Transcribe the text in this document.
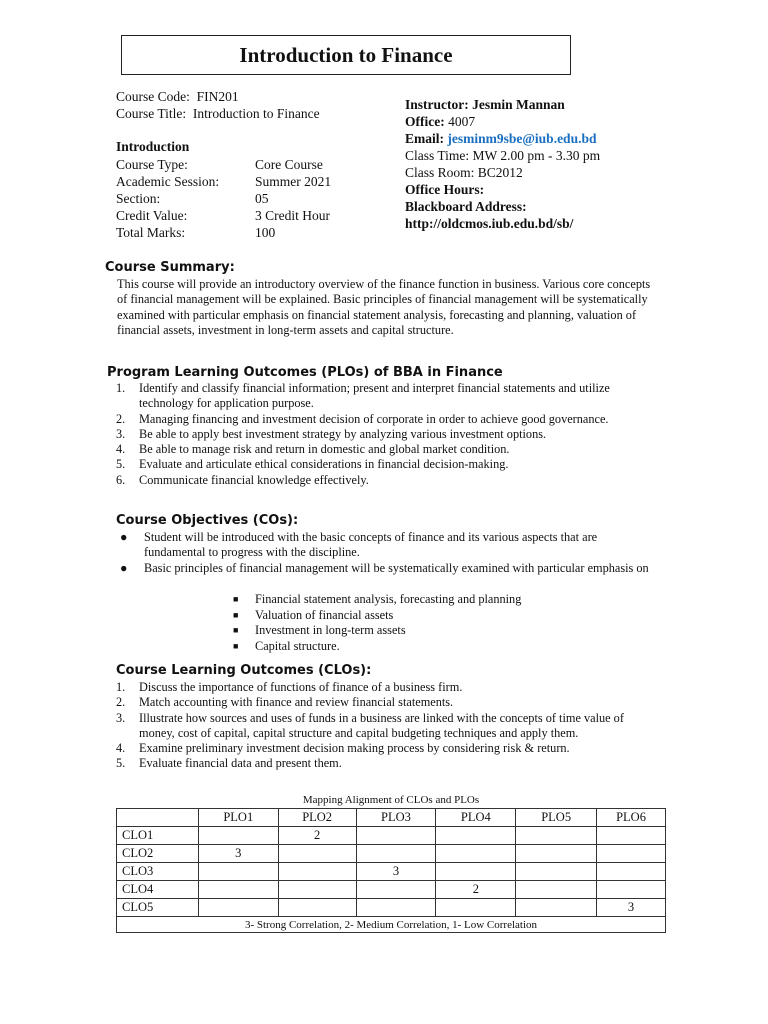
Introduction to Finance
Course Code: FIN201
Course Title: Introduction to Finance
Introduction
Course Type:	Core Course
Academic Session:	Summer 2021
Section:	05
Credit Value:	3 Credit Hour
Total Marks:	100
Instructor: Jesmin Mannan
Office: 4007
Email: jesminm9sbe@iub.edu.bd
Class Time: MW 2.00 pm - 3.30 pm
Class Room: BC2012
Office Hours:
Blackboard Address:
http://oldcmos.iub.edu.bd/sb/
Course Summary:
This course will provide an introductory overview of the finance function in business. Various core concepts of financial management will be explained. Basic principles of financial management will be systematically examined with particular emphasis on financial statement analysis, forecasting and planning, valuation of financial assets, investment in long-term assets and capital structure.
Program Learning Outcomes (PLOs) of BBA in Finance
1. Identify and classify financial information; present and interpret financial statements and utilize technology for application purpose.
2. Managing financing and investment decision of corporate in order to achieve good governance.
3. Be able to apply best investment strategy by analyzing various investment options.
4. Be able to manage risk and return in domestic and global market condition.
5. Evaluate and articulate ethical considerations in financial decision-making.
6. Communicate financial knowledge effectively.
Course Objectives (COs):
● Student will be introduced with the basic concepts of finance and its various aspects that are fundamental to progress with the discipline.
● Basic principles of financial management will be systematically examined with particular emphasis on
■ Financial statement analysis, forecasting and planning
■ Valuation of financial assets
■ Investment in long-term assets
■ Capital structure.
Course Learning Outcomes (CLOs):
1. Discuss the importance of functions of finance of a business firm.
2. Match accounting with finance and review financial statements.
3. Illustrate how sources and uses of funds in a business are linked with the concepts of time value of money, cost of capital, capital structure and capital budgeting techniques and apply them.
4. Examine preliminary investment decision making process by considering risk & return.
5. Evaluate financial data and present them.
Mapping Alignment of CLOs and PLOs
	PLO1	PLO2	PLO3	PLO4	PLO5	PLO6
CLO1		2				
CLO2	3					
CLO3			3			
CLO4				2		
CLO5						3
3- Strong Correlation, 2- Medium Correlation, 1- Low Correlation						
